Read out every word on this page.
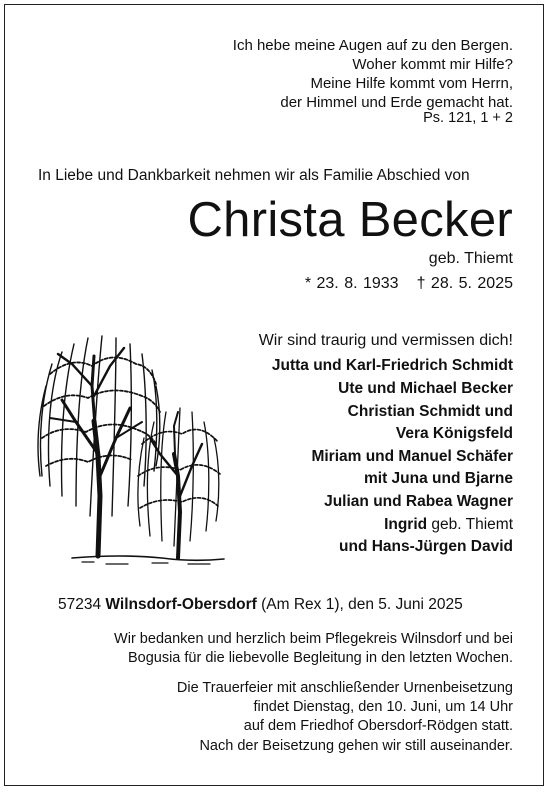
Ich hebe meine Augen auf zu den Bergen.
Woher kommt mir Hilfe?
Meine Hilfe kommt vom Herrn,
der Himmel und Erde gemacht hat.
Ps. 121, 1 + 2
In Liebe und Dankbarkeit nehmen wir als Familie Abschied von
Christa Becker
geb. Thiemt
* 23. 8. 1933 † 28. 5. 2025
Wir sind traurig und vermissen dich!
Jutta und Karl-Friedrich Schmidt
Ute und Michael Becker
Christian Schmidt und
Vera Königsfeld
Miriam und Manuel Schäfer
mit Juna und Bjarne
Julian und Rabea Wagner
Ingrid geb. Thiemt
und Hans-Jürgen David
57234 Wilnsdorf-Obersdorf (Am Rex 1), den 5. Juni 2025
Wir bedanken und herzlich beim Pflegekreis Wilnsdorf und bei
Bogusia für die liebevolle Begleitung in den letzten Wochen.
Die Trauerfeier mit anschließender Urnenbeisetzung
findet Dienstag, den 10. Juni, um 14 Uhr
auf dem Friedhof Obersdorf-Rödgen statt.
Nach der Beisetzung gehen wir still auseinander.
